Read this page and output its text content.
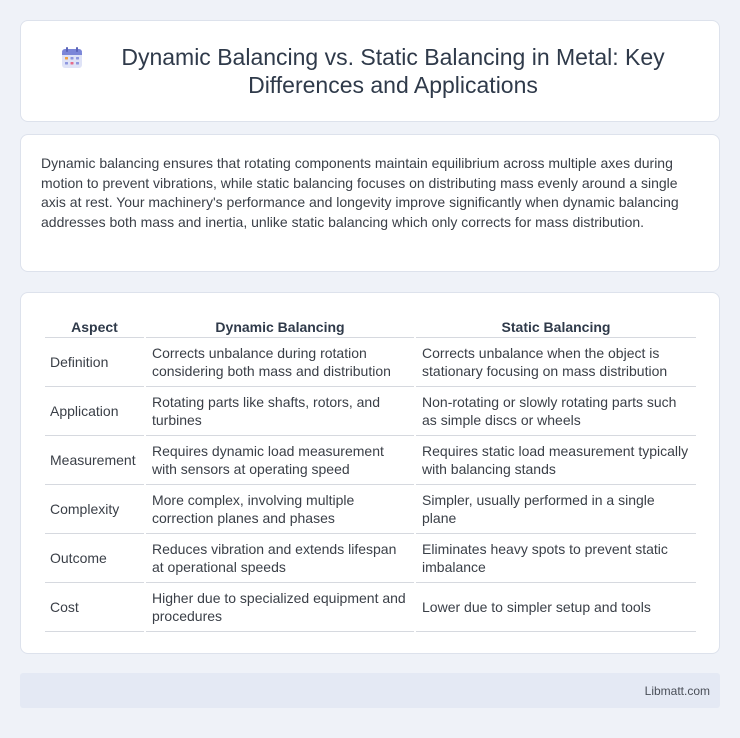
Dynamic Balancing vs. Static Balancing in Metal: Key Differences and Applications

Dynamic balancing ensures that rotating components maintain equilibrium across multiple axes during motion to prevent vibrations, while static balancing focuses on distributing mass evenly around a single axis at rest. Your machinery's performance and longevity improve significantly when dynamic balancing addresses both mass and inertia, unlike static balancing which only corrects for mass distribution.

Aspect	Dynamic Balancing	Static Balancing
Definition	Corrects unbalance during rotation considering both mass and distribution	Corrects unbalance when the object is stationary focusing on mass distribution
Application	Rotating parts like shafts, rotors, and turbines	Non-rotating or slowly rotating parts such as simple discs or wheels
Measurement	Requires dynamic load measurement with sensors at operating speed	Requires static load measurement typically with balancing stands
Complexity	More complex, involving multiple correction planes and phases	Simpler, usually performed in a single plane
Outcome	Reduces vibration and extends lifespan at operational speeds	Eliminates heavy spots to prevent static imbalance
Cost	Higher due to specialized equipment and procedures	Lower due to simpler setup and tools
Libmatt.com
